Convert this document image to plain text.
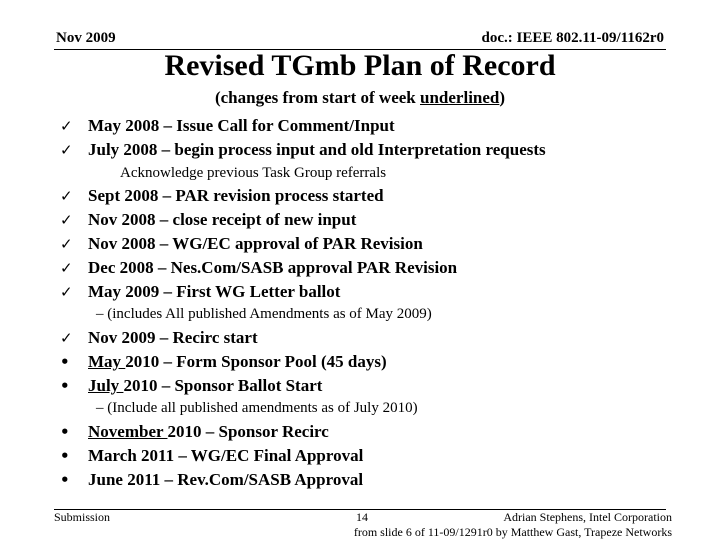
Nov 2009	doc.: IEEE 802.11-09/1162r0
Revised TGmb Plan of Record
(changes from start of week underlined)
✓ May 2008 – Issue Call for Comment/Input
✓ July 2008 – begin process input and old Interpretation requests
Acknowledge previous Task Group referrals
✓ Sept 2008 – PAR revision process started
✓ Nov 2008 – close receipt of new input
✓ Nov 2008 – WG/EC approval of PAR Revision
✓ Dec 2008 – Nes.Com/SASB approval PAR Revision
✓ May 2009 – First WG Letter ballot
– (includes All published Amendments as of May 2009)
✓ Nov 2009 – Recirc start
• May 2010 – Form Sponsor Pool (45 days)
• July 2010 – Sponsor Ballot Start
– (Include all published amendments as of July 2010)
• November 2010 – Sponsor Recirc
• March 2011 – WG/EC Final Approval
• June 2011 – Rev.Com/SASB Approval
Submission	14	Adrian Stephens, Intel Corporation
from slide 6 of 11-09/1291r0 by Matthew Gast, Trapeze Networks
